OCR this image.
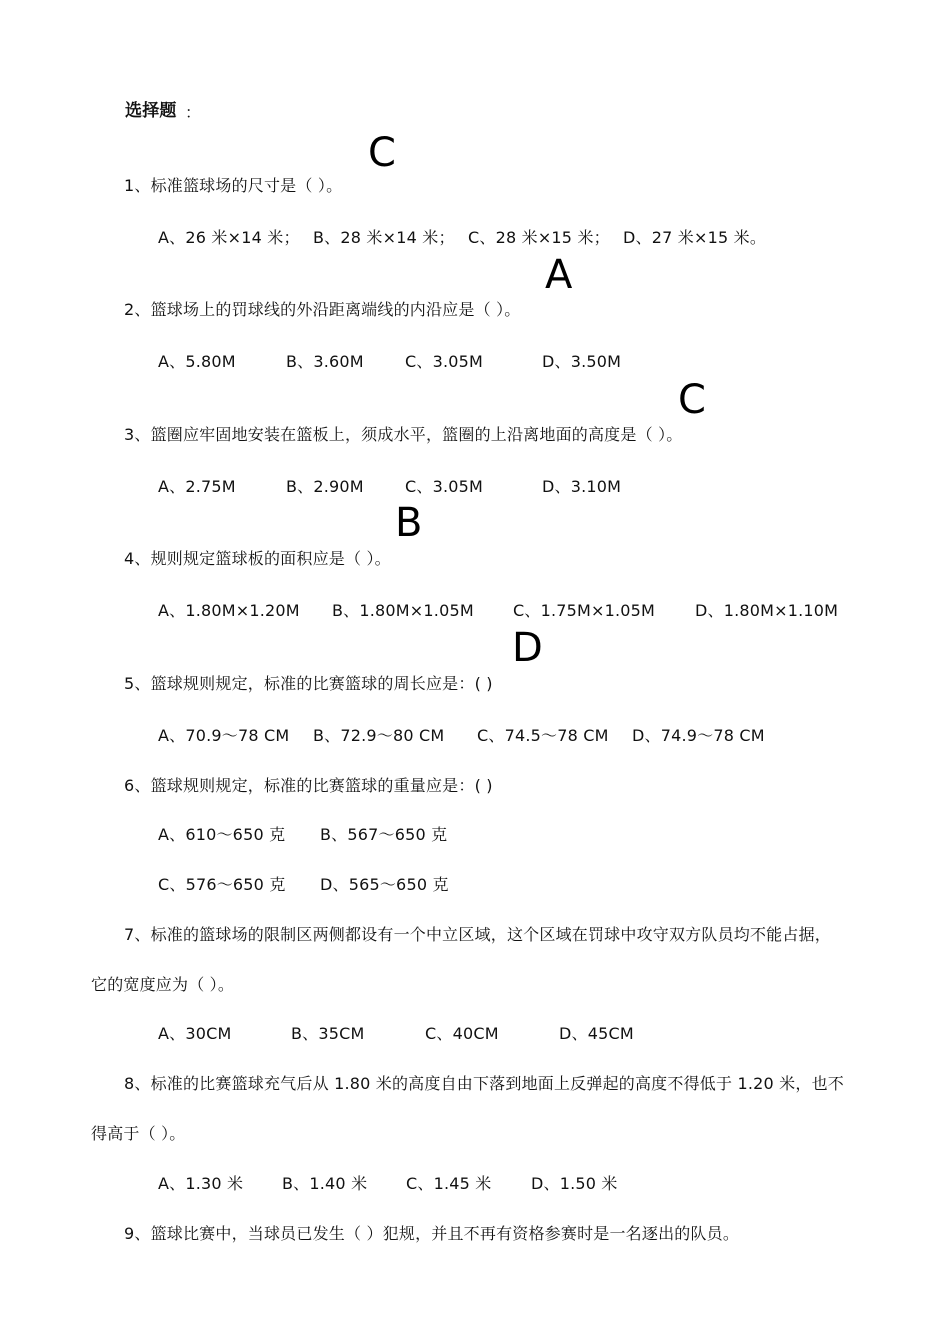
选择题 ：
C
A
C
B
D
1、标准篮球场的尺寸是（ ）。
A、26 米×14 米； B、28 米×14 米； C、28 米×15 米； D、27 米×15 米。
2、篮球场上的罚球线的外沿距离端线的内沿应是（ ）。
A、5.80M	B、3.60M	C、3.05M	D、3.50M
3、篮圈应牢固地安装在篮板上，须成水平，篮圈的上沿离地面的高度是（ ）。
A、2.75M	B、2.90M	C、3.05M	D、3.10M
4、规则规定篮球板的面积应是（ ）。
A、1.80M×1.20M B、1.80M×1.05M C、1.75M×1.05M D、1.80M×1.10M
5、篮球规则规定，标准的比赛篮球的周长应是：( )
A、70.9～78 CM B、72.9～80 CM C、74.5～78 CM D、74.9～78 CM
6、篮球规则规定，标准的比赛篮球的重量应是：( )
A、610～650 克 B、567～650 克
C、576～650 克 D、565～650 克
7、标准的篮球场的限制区两侧都设有一个中立区域，这个区域在罚球中攻守双方队员均不能占据，
它的宽度应为（ ）。
A、30CM	B、35CM	C、40CM	D、45CM
8、标准的比赛篮球充气后从 1.80 米的高度自由下落到地面上反弹起的高度不得低于 1.20 米，也不
得高于（ ）。
A、1.30 米 B、1.40 米 C、1.45 米 D、1.50 米
9、篮球比赛中，当球员已发生（ ）犯规，并且不再有资格参赛时是一名逐出的队员。
